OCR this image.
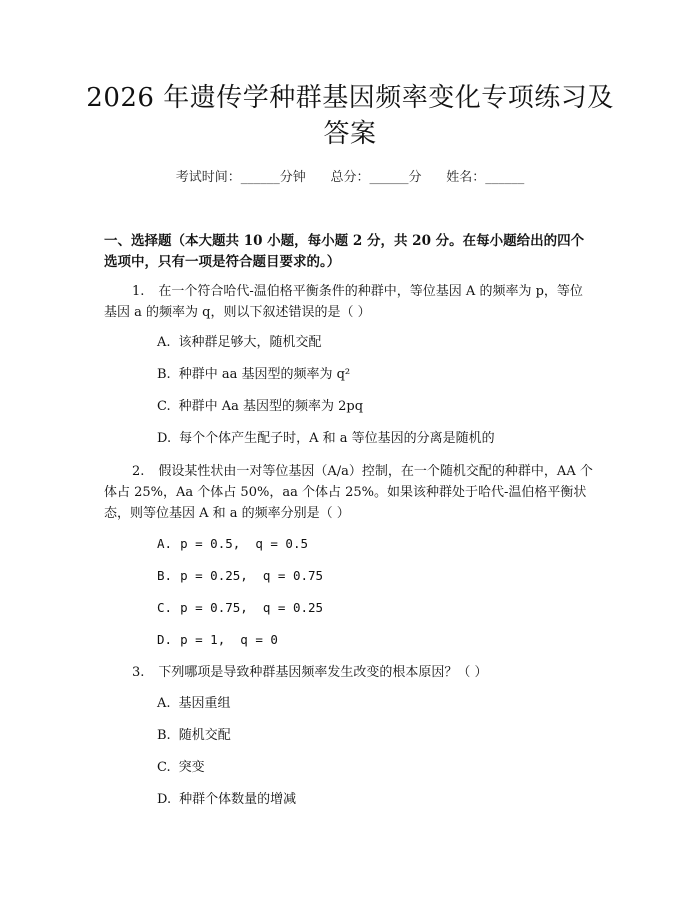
2026 年遗传学种群基因频率变化专项练习及
答案
考试时间：______分钟      总分：______分      姓名：______
一、选择题（本大题共 10 小题，每小题 2 分，共 20 分。在每小题给出的四个选项中，只有一项是符合题目要求的。）
1. 在一个符合哈代-温伯格平衡条件的种群中，等位基因 A 的频率为 p，等位基因 a 的频率为 q，则以下叙述错误的是（ ）
A. 该种群足够大，随机交配
B. 种群中 aa 基因型的频率为 q²
C. 种群中 Aa 基因型的频率为 2pq
D. 每个个体产生配子时，A 和 a 等位基因的分离是随机的
2. 假设某性状由一对等位基因（A/a）控制，在一个随机交配的种群中，AA 个体占 25%，Aa 个体占 50%，aa 个体占 25%。如果该种群处于哈代-温伯格平衡状态，则等位基因 A 和 a 的频率分别是（ ）
A. p = 0.5,  q = 0.5
B. p = 0.25,  q = 0.75
C. p = 0.75,  q = 0.25
D. p = 1,  q = 0
3. 下列哪项是导致种群基因频率发生改变的根本原因？（ ）
A. 基因重组
B. 随机交配
C. 突变
D. 种群个体数量的增减
